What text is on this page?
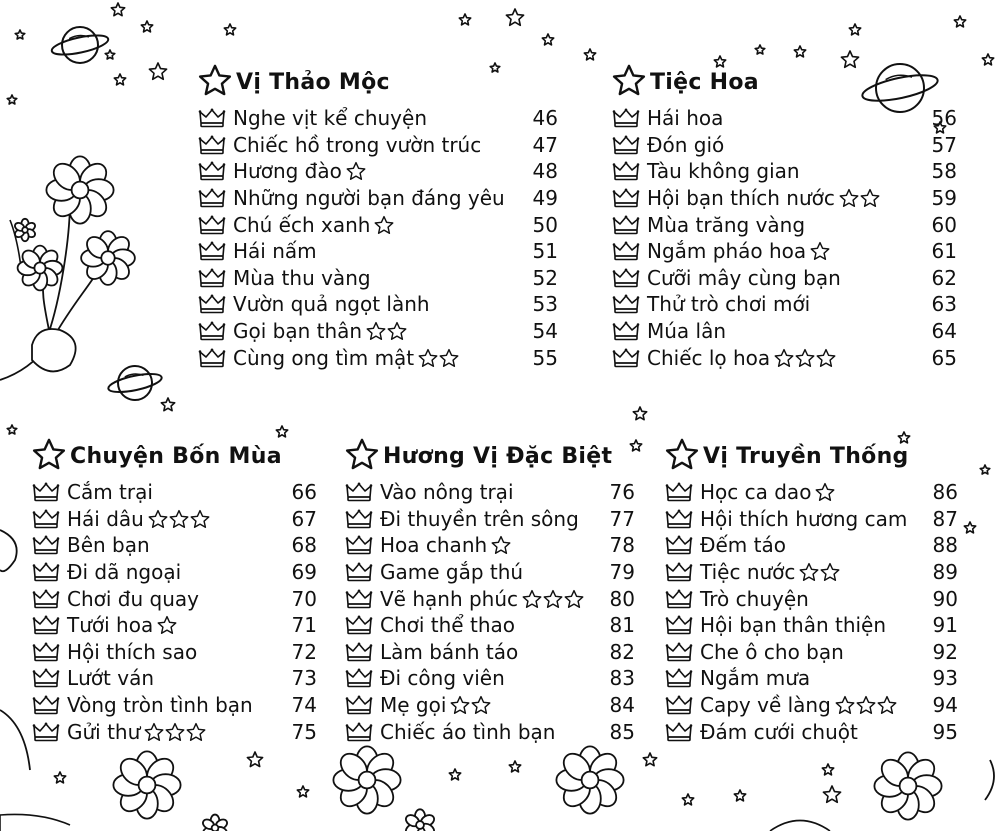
Vị Thảo Mộc
Nghe vịt kể chuyện	46
Chiếc hồ trong vườn trúc	47
Hương đào	48
Những người bạn đáng yêu 49
Chú ếch xanh	50
Hái nấm	51
Mùa thu vàng	52
Vườn quả ngọt lành	53
Gọi bạn thân	54
Cùng ong tìm mật	55
Tiệc Hoa
Hái hoa	56
Đón gió	57
Tàu không gian	58
Hội bạn thích nước	59
Mùa trăng vàng	60
Ngắm pháo hoa	61
Cưỡi mây cùng bạn	62
Thử trò chơi mới	63
Múa lân	64
Chiếc lọ hoa	65
Chuyện Bốn Mùa
Cắm trại	66
Hái dâu	67
Bên bạn	68
Đi dã ngoại	69
Chơi đu quay	70
Tưới hoa	71
Hội thích sao	72
Lướt ván	73
Vòng tròn tình bạn 74
Gửi thư	75
Hương Vị Đặc Biệt
Vào nông trại	76
Đi thuyền trên sông 77
Hoa chanh	78
Game gắp thú	79
Vẽ hạnh phúc	80
Chơi thể thao	81
Làm bánh táo	82
Đi công viên	83
Mẹ gọi	84
Chiếc áo tình bạn	85
Vị Truyền Thống
Học ca dao	86
Hội thích hương cam 87
Đếm táo	88
Tiệc nước	89
Trò chuyện	90
Hội bạn thân thiện 91
Che ô cho bạn	92
Ngắm mưa	93
Capy về làng	94
Đám cưới chuột	95
